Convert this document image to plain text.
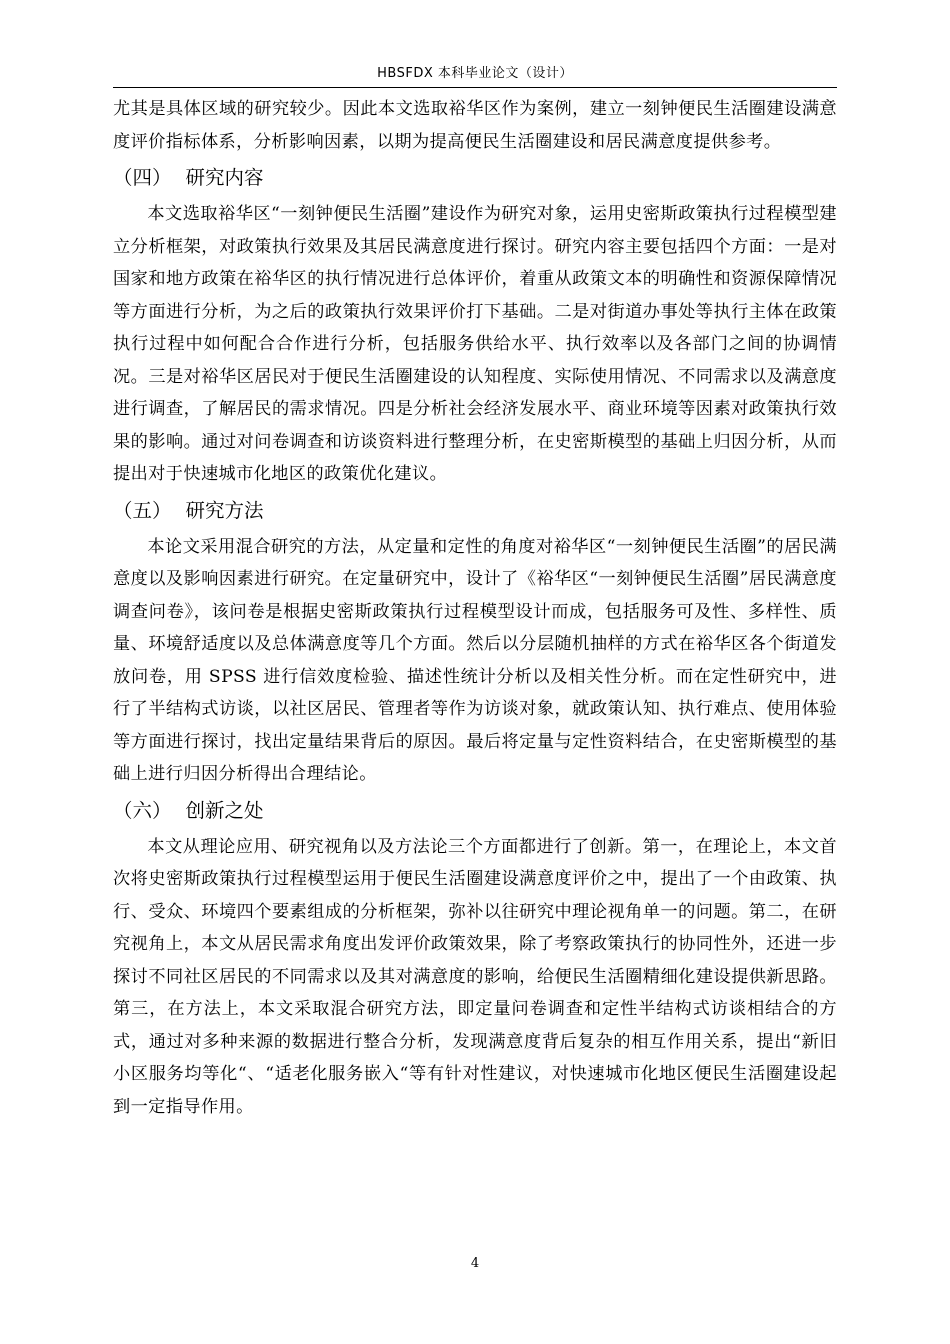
HBSFDX 本科毕业论文（设计）

尤其是具体区域的研究较少。因此本文选取裕华区作为案例，建立一刻钟便民生活圈建设满意度评价指标体系，分析影响因素，以期为提高便民生活圈建设和居民满意度提供参考。

（四） 研究内容

本文选取裕华区“一刻钟便民生活圈”建设作为研究对象，运用史密斯政策执行过程模型建立分析框架，对政策执行效果及其居民满意度进行探讨。研究内容主要包括四个方面：一是对国家和地方政策在裕华区的执行情况进行总体评价，着重从政策文本的明确性和资源保障情况等方面进行分析，为之后的政策执行效果评价打下基础。二是对街道办事处等执行主体在政策执行过程中如何配合合作进行分析，包括服务供给水平、执行效率以及各部门之间的协调情况。三是对裕华区居民对于便民生活圈建设的认知程度、实际使用情况、不同需求以及满意度进行调查，了解居民的需求情况。四是分析社会经济发展水平、商业环境等因素对政策执行效果的影响。通过对问卷调查和访谈资料进行整理分析，在史密斯模型的基础上归因分析，从而提出对于快速城市化地区的政策优化建议。

（五） 研究方法

本论文采用混合研究的方法，从定量和定性的角度对裕华区“一刻钟便民生活圈”的居民满意度以及影响因素进行研究。在定量研究中，设计了《裕华区“一刻钟便民生活圈”居民满意度调查问卷》，该问卷是根据史密斯政策执行过程模型设计而成，包括服务可及性、多样性、质量、环境舒适度以及总体满意度等几个方面。然后以分层随机抽样的方式在裕华区各个街道发放问卷，用 SPSS 进行信效度检验、描述性统计分析以及相关性分析。而在定性研究中，进行了半结构式访谈，以社区居民、管理者等作为访谈对象，就政策认知、执行难点、使用体验等方面进行探讨，找出定量结果背后的原因。最后将定量与定性资料结合，在史密斯模型的基础上进行归因分析得出合理结论。

（六） 创新之处

本文从理论应用、研究视角以及方法论三个方面都进行了创新。第一，在理论上，本文首次将史密斯政策执行过程模型运用于便民生活圈建设满意度评价之中，提出了一个由政策、执行、受众、环境四个要素组成的分析框架，弥补以往研究中理论视角单一的问题。第二，在研究视角上，本文从居民需求角度出发评价政策效果，除了考察政策执行的协同性外，还进一步探讨不同社区居民的不同需求以及其对满意度的影响，给便民生活圈精细化建设提供新思路。第三，在方法上，本文采取混合研究方法，即定量问卷调查和定性半结构式访谈相结合的方式，通过对多种来源的数据进行整合分析，发现满意度背后复杂的相互作用关系，提出“新旧小区服务均等化“、“适老化服务嵌入“等有针对性建议，对快速城市化地区便民生活圈建设起到一定指导作用。

4
